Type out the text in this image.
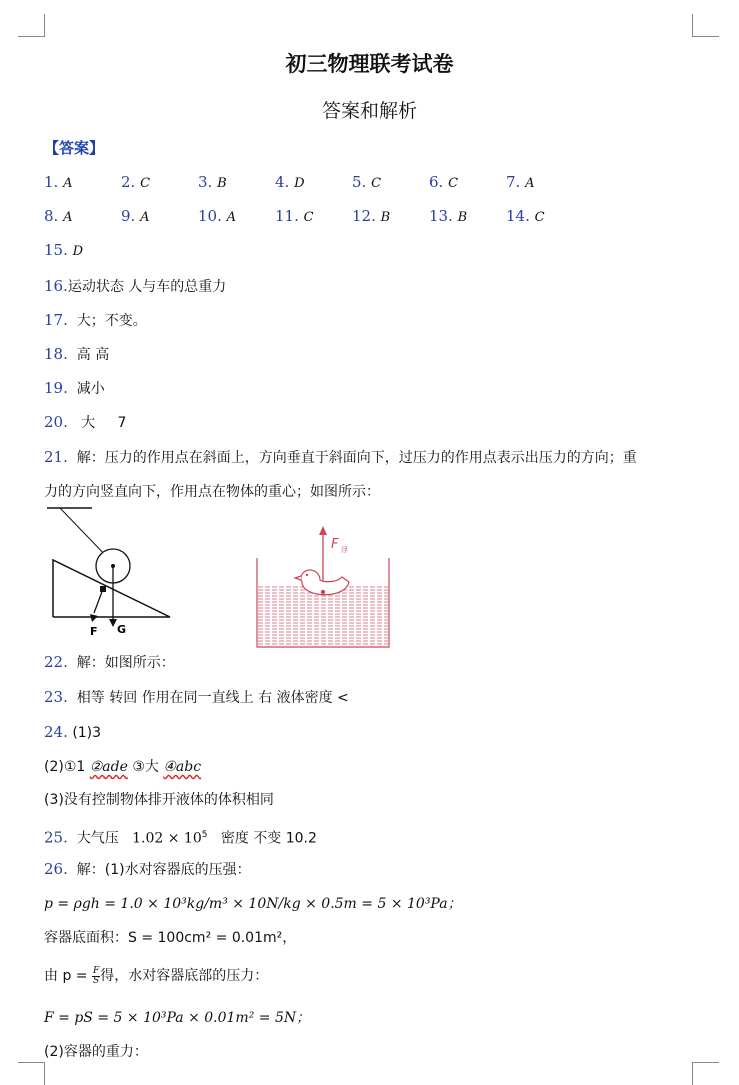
初三物理联考试卷
答案和解析
【答案】
1. A	2. C	3. B	4. D	5. C	6. C	7. A
8. A	9. A	10. A	11. C	12. B	13. B	14. C
15. D
16.运动状态 人与车的总重力
17. 大；不变。
18. 高 高
19. 减小
20. 大 7
21. 解：压力的作用点在斜面上，方向垂直于斜面向下，过压力的作用点表示出压力的方向；重
力的方向竖直向下，作用点在物体的重心；如图所示：
F G
F 浮
22. 解：如图所示：
23. 相等 转回 作用在同一直线上 右 液体密度 <
24. (1)3
(2)①1 ②ade ③大 ④abc
(3)没有控制物体排开液体的体积相同
25. 大气压 $1.02 \times 10^5$ 密度 不变 10.2
26. 解：(1)水对容器底的压强：
p = ρgh = 1.0 × 10³kg/m³ × 10N/kg × 0.5m = 5 × 10³Pa；
容器底面积：S = 100cm² = 0.01m²，
由 $p = \frac{F}{S}$ 得，水对容器底部的压力：
F = pS = 5 × 10³Pa × 0.01m² = 5N；
(2)容器的重力：
